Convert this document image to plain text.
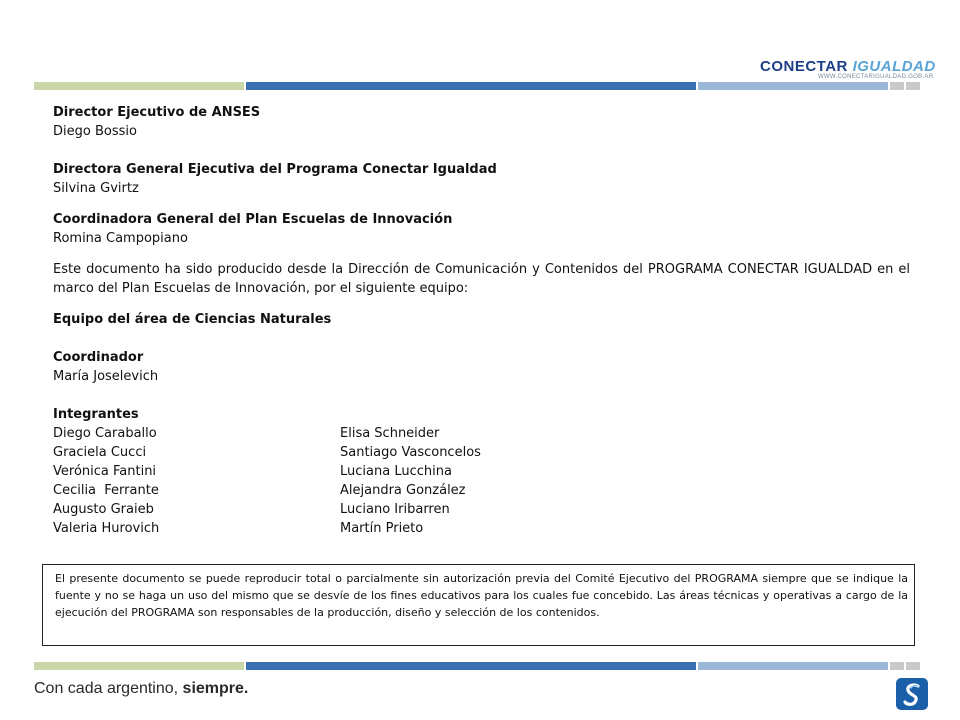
CONECTAR IGUALDAD
WWW.CONECTARIGUALDAD.GOB.AR
Director Ejecutivo de ANSES
Diego Bossio
Directora General Ejecutiva del Programa Conectar Igualdad
Silvina Gvirtz
Coordinadora General del Plan Escuelas de Innovación
Romina Campopiano
Este documento ha sido producido desde la Dirección de Comunicación y Contenidos del PROGRAMA CONECTAR IGUALDAD en el marco del Plan Escuelas de Innovación, por el siguiente equipo:
Equipo del área de Ciencias Naturales
Coordinador
María Joselevich
Integrantes
Diego Caraballo	Elisa Schneider
Graciela Cucci	Santiago Vasconcelos
Verónica Fantini	Luciana Lucchina
Cecilia  Ferrante	Alejandra González
Augusto Graieb	Luciano Iribarren
Valeria Hurovich	Martín Prieto
El presente documento se puede reproducir total o parcialmente sin autorización previa del Comité Ejecutivo del PROGRAMA siempre que se indique la fuente y no se haga un uso del mismo que se desvíe de los fines educativos para los cuales fue concebido. Las áreas técnicas y operativas a cargo de la ejecución del PROGRAMA son responsables de la producción, diseño y selección de los contenidos.
Con cada argentino, siempre.
